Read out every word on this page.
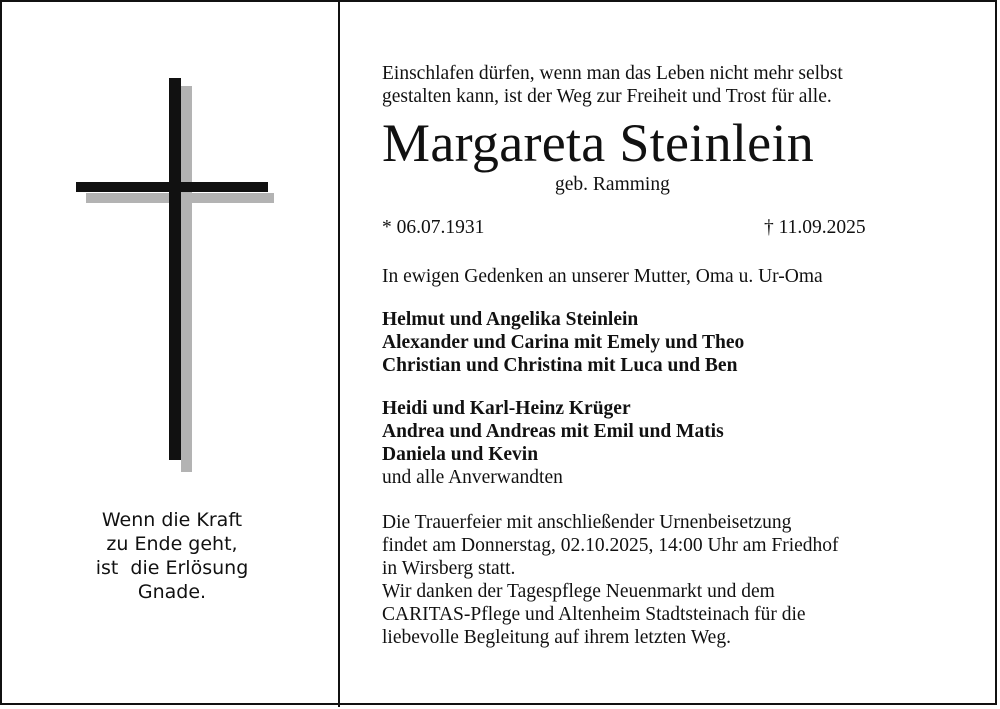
Wenn die Kraft
zu Ende geht,
ist  die Erlösung
Gnade.
Einschlafen dürfen, wenn man das Leben nicht mehr selbst
gestalten kann, ist der Weg zur Freiheit und Trost für alle.
Margareta Steinlein
geb. Ramming
* 06.07.1931	† 11.09.2025
In ewigen Gedenken an unserer Mutter, Oma u. Ur-Oma
Helmut und Angelika Steinlein
Alexander und Carina mit Emely und Theo
Christian und Christina mit Luca und Ben
Heidi und Karl-Heinz Krüger
Andrea und Andreas mit Emil und Matis
Daniela und Kevin
und alle Anverwandten
Die Trauerfeier mit anschließender Urnenbeisetzung
findet am Donnerstag, 02.10.2025, 14:00 Uhr am Friedhof
in Wirsberg statt.
Wir danken der Tagespflege Neuenmarkt und dem
CARITAS-Pflege und Altenheim Stadtsteinach für die
liebevolle Begleitung auf ihrem letzten Weg.
